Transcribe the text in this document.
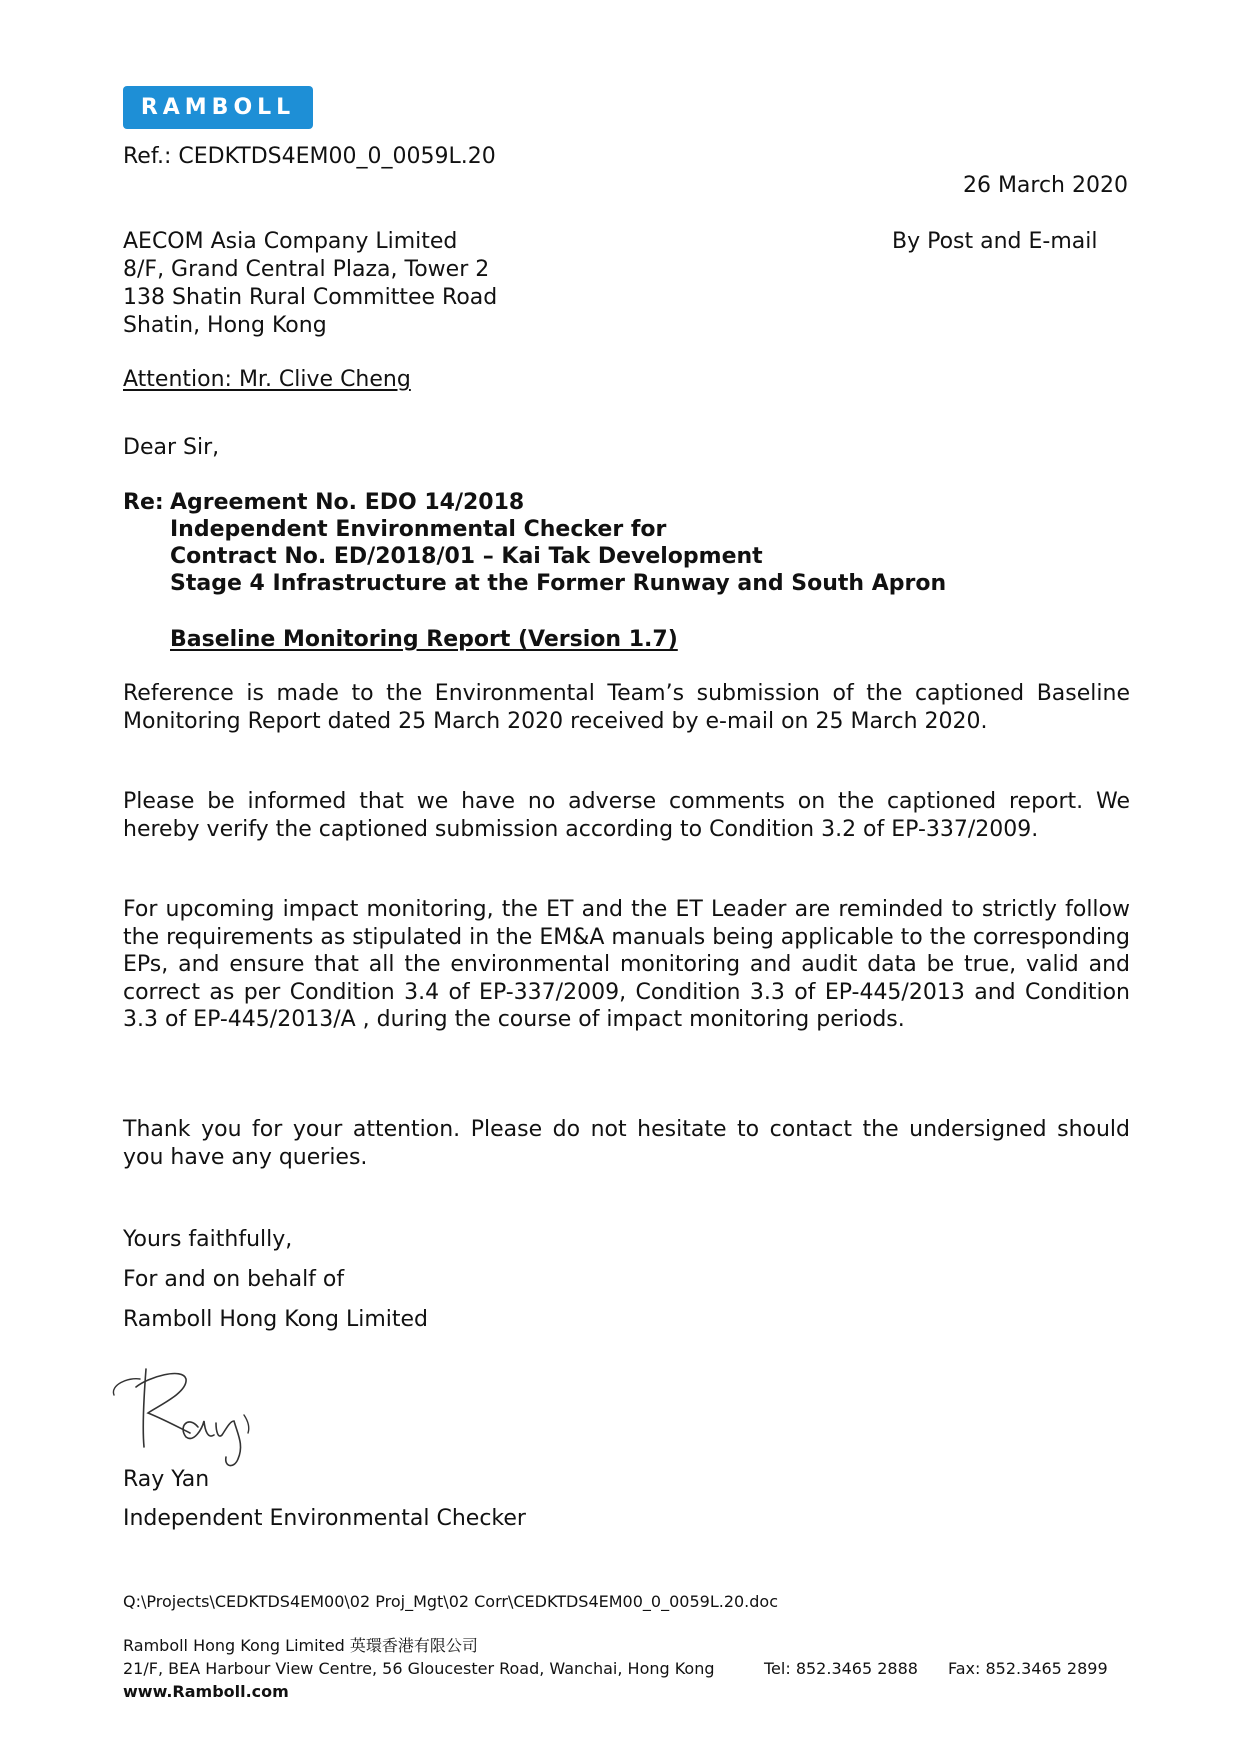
RAMBOLL
Ref.: CEDKTDS4EM00_0_0059L.20
26 March 2020
AECOM Asia Company Limited	By Post and E-mail
8/F, Grand Central Plaza, Tower 2
138 Shatin Rural Committee Road
Shatin, Hong Kong
Attention: Mr. Clive Cheng
Dear Sir,
Re: Agreement No. EDO 14/2018
Independent Environmental Checker for
Contract No. ED/2018/01 – Kai Tak Development
Stage 4 Infrastructure at the Former Runway and South Apron
Baseline Monitoring Report (Version 1.7)
Reference is made to the Environmental Team’s submission of the captioned Baseline Monitoring Report dated 25 March 2020 received by e-mail on 25 March 2020.
Please be informed that we have no adverse comments on the captioned report. We hereby verify the captioned submission according to Condition 3.2 of EP-337/2009.
For upcoming impact monitoring, the ET and the ET Leader are reminded to strictly follow the requirements as stipulated in the EM&A manuals being applicable to the corresponding EPs, and ensure that all the environmental monitoring and audit data be true, valid and correct as per Condition 3.4 of EP-337/2009, Condition 3.3 of EP-445/2013 and Condition 3.3 of EP-445/2013/A , during the course of impact monitoring periods.
Thank you for your attention. Please do not hesitate to contact the undersigned should you have any queries.
Yours faithfully,
For and on behalf of
Ramboll Hong Kong Limited
Ray Yan
Independent Environmental Checker
Q:\Projects\CEDKTDS4EM00\02 Proj_Mgt\02 Corr\CEDKTDS4EM00_0_0059L.20.doc
Ramboll Hong Kong Limited 英環香港有限公司
21/F, BEA Harbour View Centre, 56 Gloucester Road, Wanchai, Hong Kong	Tel: 852.3465 2888 Fax: 852.3465 2899
www.Ramboll.com
